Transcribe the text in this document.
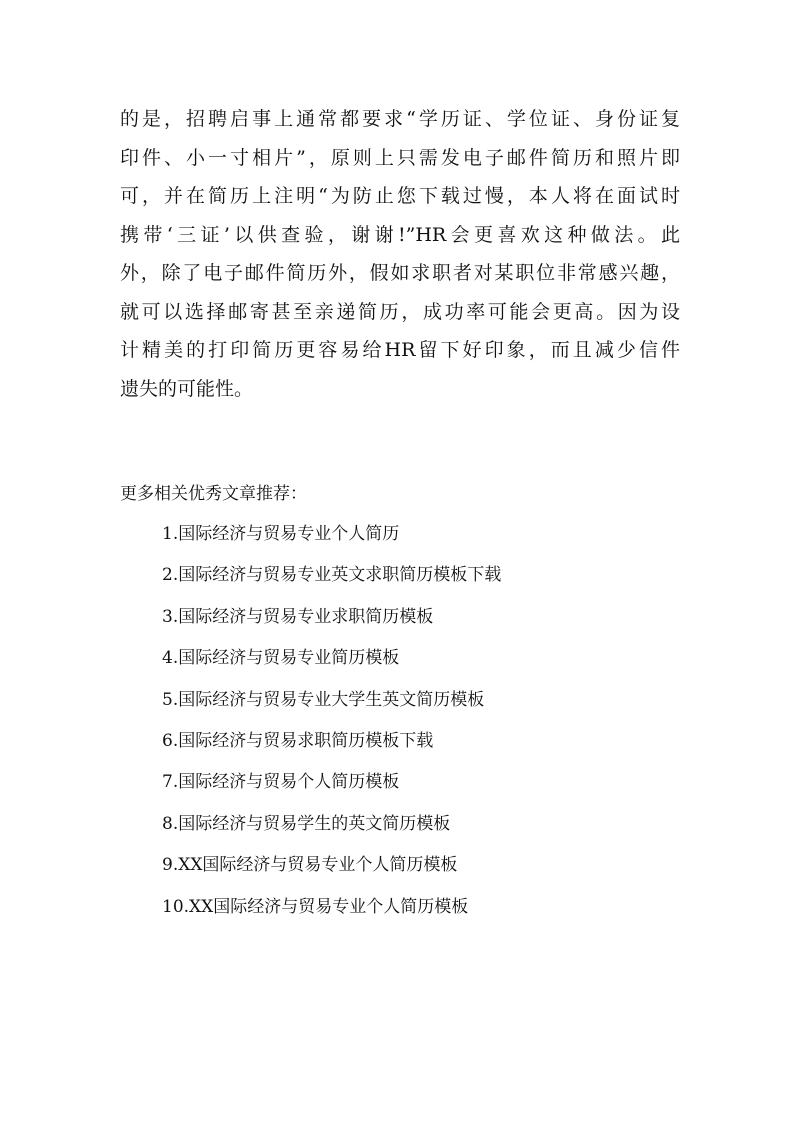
的是，招聘启事上通常都要求“学历证、学位证、身份证复
印件、小一寸相片”，原则上只需发电子邮件简历和照片即
可，并在简历上注明“为防止您下载过慢，本人将在面试时
携带‘三证’以供查验，谢谢!”HR会更喜欢这种做法。此
外，除了电子邮件简历外，假如求职者对某职位非常感兴趣，
就可以选择邮寄甚至亲递简历，成功率可能会更高。因为设
计精美的打印简历更容易给HR留下好印象，而且减少信件
遗失的可能性。
更多相关优秀文章推荐：
1.国际经济与贸易专业个人简历
2.国际经济与贸易专业英文求职简历模板下载
3.国际经济与贸易专业求职简历模板
4.国际经济与贸易专业简历模板
5.国际经济与贸易专业大学生英文简历模板
6.国际经济与贸易求职简历模板下载
7.国际经济与贸易个人简历模板
8.国际经济与贸易学生的英文简历模板
9.XX国际经济与贸易专业个人简历模板
10.XX国际经济与贸易专业个人简历模板
